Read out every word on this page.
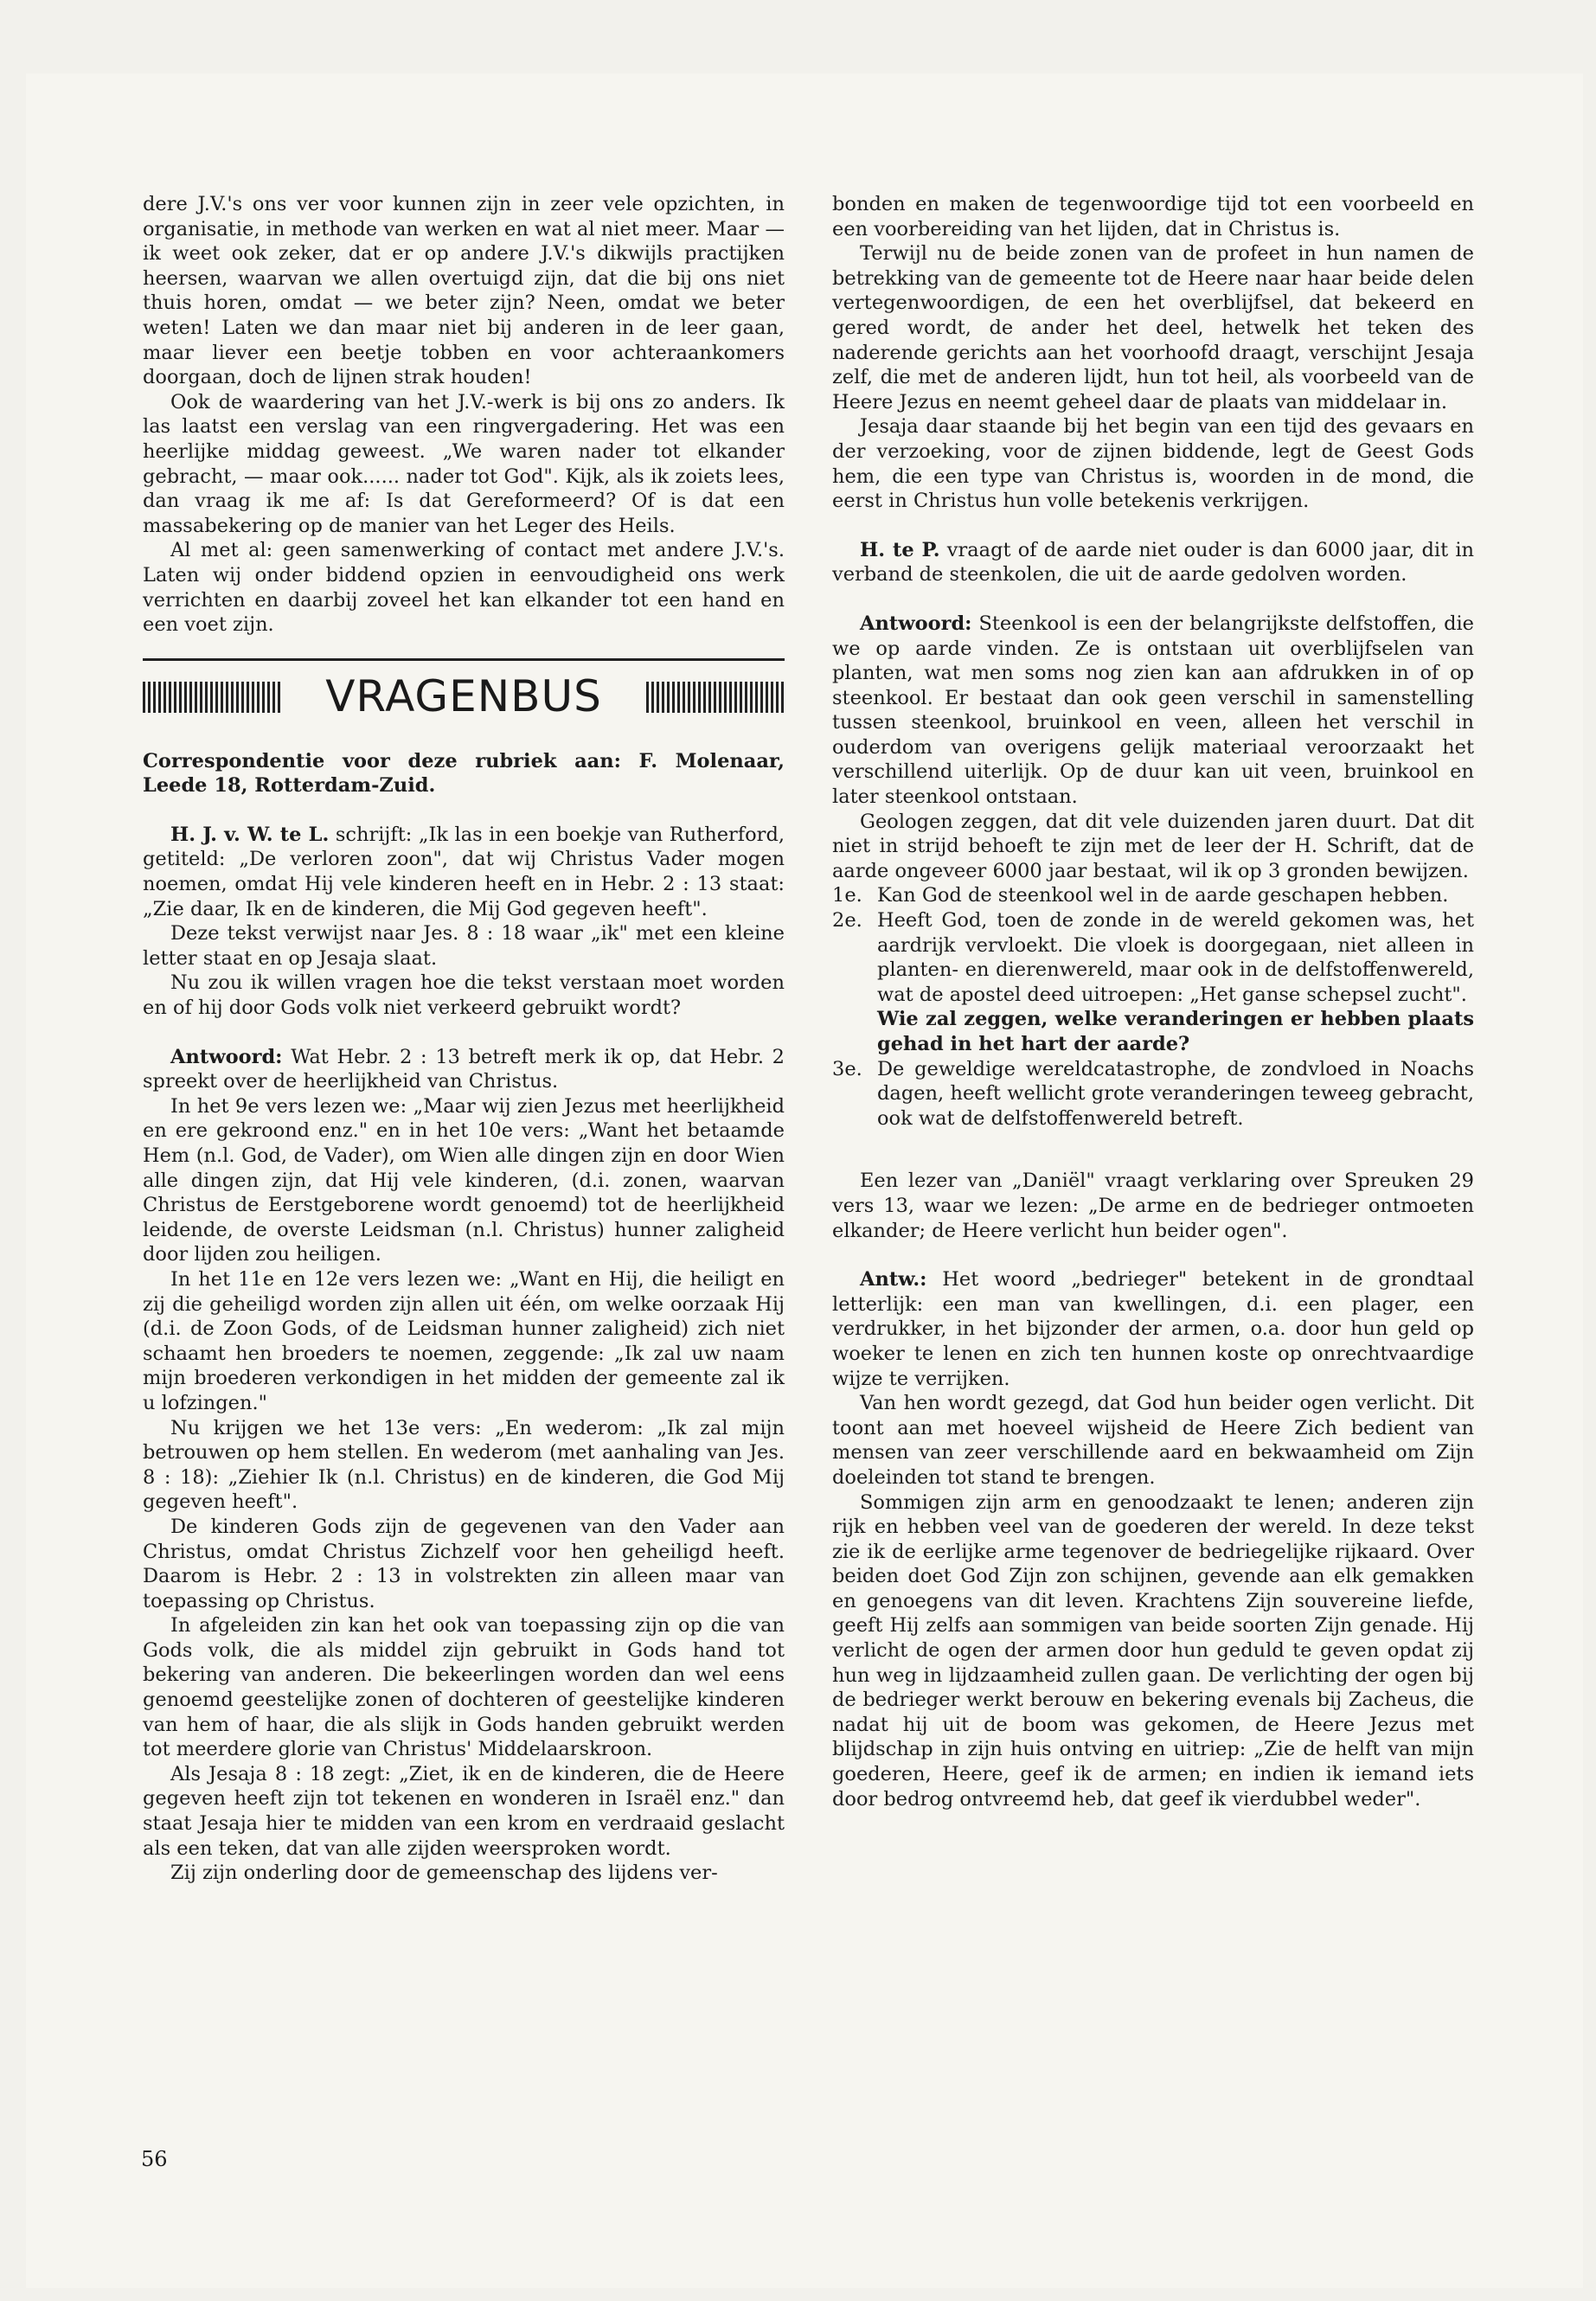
dere J.V.'s ons ver voor kunnen zijn in zeer vele opzichten, in organisatie, in methode van werken en wat al niet meer. Maar —ik weet ook zeker, dat er op andere J.V.'s dikwijls practijken heersen, waarvan we allen overtuigd zijn, dat die bij ons niet thuis horen, omdat — we beter zijn? Neen, omdat we beter weten! Laten we dan maar niet bij anderen in de leer gaan, maar liever een beetje tobben en voor achteraankomers doorgaan, doch de lijnen strak houden!

Ook de waardering van het J.V.-werk is bij ons zo anders. Ik las laatst een verslag van een ringvergadering. Het was een heerlijke middag geweest. „We waren nader tot elkander gebracht, — maar ook...... nader tot God". Kijk, als ik zoiets lees, dan vraag ik me af: Is dat Gereformeerd? Of is dat een massabekering op de manier van het Leger des Heils.

Al met al: geen samenwerking of contact met andere J.V.'s. Laten wij onder biddend opzien in eenvoudigheid ons werk verrichten en daarbij zoveel het kan elkander tot een hand en een voet zijn.

VRAGENBUS

Correspondentie voor deze rubriek aan: F. Molenaar, Leede 18, Rotterdam-Zuid.

H. J. v. W. te L. schrijft: „Ik las in een boekje van Rutherford, getiteld: „De verloren zoon", dat wij Christus Vader mogen noemen, omdat Hij vele kinderen heeft en in Hebr. 2 : 13 staat: „Zie daar, Ik en de kinderen, die Mij God gegeven heeft".

Deze tekst verwijst naar Jes. 8 : 18 waar „ik" met een kleine letter staat en op Jesaja slaat.

Nu zou ik willen vragen hoe die tekst verstaan moet worden en of hij door Gods volk niet verkeerd gebruikt wordt?

Antwoord: Wat Hebr. 2 : 13 betreft merk ik op, dat Hebr. 2 spreekt over de heerlijkheid van Christus.

In het 9e vers lezen we: „Maar wij zien Jezus met heerlijkheid en ere gekroond enz." en in het 10e vers: „Want het betaamde Hem (n.l. God, de Vader), om Wien alle dingen zijn en door Wien alle dingen zijn, dat Hij vele kinderen, (d.i. zonen, waarvan Christus de Eerstgeborene wordt genoemd) tot de heerlijkheid leidende, de overste Leidsman (n.l. Christus) hunner zaligheid door lijden zou heiligen.

In het 11e en 12e vers lezen we: „Want en Hij, die heiligt en zij die geheiligd worden zijn allen uit één, om welke oorzaak Hij (d.i. de Zoon Gods, of de Leidsman hunner zaligheid) zich niet schaamt hen broeders te noemen, zeggende: „Ik zal uw naam mijn broederen verkondigen in het midden der gemeente zal ik u lofzingen."

Nu krijgen we het 13e vers: „En wederom: „Ik zal mijn betrouwen op hem stellen. En wederom (met aanhaling van Jes. 8 : 18): „Ziehier Ik (n.l. Christus) en de kinderen, die God Mij gegeven heeft".

De kinderen Gods zijn de gegevenen van den Vader aan Christus, omdat Christus Zichzelf voor hen geheiligd heeft. Daarom is Hebr. 2 : 13 in volstrekten zin alleen maar van toepassing op Christus.

In afgeleiden zin kan het ook van toepassing zijn op die van Gods volk, die als middel zijn gebruikt in Gods hand tot bekering van anderen. Die bekeerlingen worden dan wel eens genoemd geestelijke zonen of dochteren of geestelijke kinderen van hem of haar, die als slijk in Gods handen gebruikt werden tot meerdere glorie van Christus' Middelaarskroon.

Als Jesaja 8 : 18 zegt: „Ziet, ik en de kinderen, die de Heere gegeven heeft zijn tot tekenen en wonderen in Israël enz." dan staat Jesaja hier te midden van een krom en verdraaid geslacht als een teken, dat van alle zijden weersproken wordt.

Zij zijn onderling door de gemeenschap des lijdens ver-

bonden en maken de tegenwoordige tijd tot een voorbeeld en een voorbereiding van het lijden, dat in Christus is.

Terwijl nu de beide zonen van de profeet in hun namen de betrekking van de gemeente tot de Heere naar haar beide delen vertegenwoordigen, de een het overblijfsel, dat bekeerd en gered wordt, de ander het deel, hetwelk het teken des naderende gerichts aan het voorhoofd draagt, verschijnt Jesaja zelf, die met de anderen lijdt, hun tot heil, als voorbeeld van de Heere Jezus en neemt geheel daar de plaats van middelaar in.

Jesaja daar staande bij het begin van een tijd des gevaars en der verzoeking, voor de zijnen biddende, legt de Geest Gods hem, die een type van Christus is, woorden in de mond, die eerst in Christus hun volle betekenis verkrijgen.

H. te P. vraagt of de aarde niet ouder is dan 6000 jaar, dit in verband de steenkolen, die uit de aarde gedolven worden.

Antwoord: Steenkool is een der belangrijkste delfstoffen, die we op aarde vinden. Ze is ontstaan uit overblijfselen van planten, wat men soms nog zien kan aan afdrukken in of op steenkool. Er bestaat dan ook geen verschil in samenstelling tussen steenkool, bruinkool en veen, alleen het verschil in ouderdom van overigens gelijk materiaal veroorzaakt het verschillend uiterlijk. Op de duur kan uit veen, bruinkool en later steenkool ontstaan.

Geologen zeggen, dat dit vele duizenden jaren duurt. Dat dit niet in strijd behoeft te zijn met de leer der H. Schrift, dat de aarde ongeveer 6000 jaar bestaat, wil ik op 3 gronden bewijzen.

1e. Kan God de steenkool wel in de aarde geschapen hebben.
2e. Heeft God, toen de zonde in de wereld gekomen was, het aardrijk vervloekt. Die vloek is doorgegaan, niet alleen in planten- en dierenwereld, maar ook in de delfstoffenwereld, wat de apostel deed uitroepen: „Het ganse schepsel zucht".
Wie zal zeggen, welke veranderingen er hebben plaats gehad in het hart der aarde?
3e. De geweldige wereldcatastrophe, de zondvloed in Noachs dagen, heeft wellicht grote veranderingen teweeg gebracht, ook wat de delfstoffenwereld betreft.

Een lezer van „Daniël" vraagt verklaring over Spreuken 29 vers 13, waar we lezen: „De arme en de bedrieger ontmoeten elkander; de Heere verlicht hun beider ogen".

Antw.: Het woord „bedrieger" betekent in de grondtaal letterlijk: een man van kwellingen, d.i. een plager, een verdrukker, in het bijzonder der armen, o.a. door hun geld op woeker te lenen en zich ten hunnen koste op onrechtvaardige wijze te verrijken.

Van hen wordt gezegd, dat God hun beider ogen verlicht. Dit toont aan met hoeveel wijsheid de Heere Zich bedient van mensen van zeer verschillende aard en bekwaamheid om Zijn doeleinden tot stand te brengen.

Sommigen zijn arm en genoodzaakt te lenen; anderen zijn rijk en hebben veel van de goederen der wereld. In deze tekst zie ik de eerlijke arme tegenover de bedriegelijke rijkaard. Over beiden doet God Zijn zon schijnen, gevende aan elk gemakken en genoegens van dit leven. Krachtens Zijn souvereine liefde, geeft Hij zelfs aan sommigen van beide soorten Zijn genade. Hij verlicht de ogen der armen door hun geduld te geven opdat zij hun weg in lijdzaamheid zullen gaan. De verlichting der ogen bij de bedrieger werkt berouw en bekering evenals bij Zacheus, die nadat hij uit de boom was gekomen, de Heere Jezus met blijdschap in zijn huis ontving en uitriep: „Zie de helft van mijn goederen, Heere, geef ik de armen; en indien ik iemand iets door bedrog ontvreemd heb, dat geef ik vierdubbel weder".

56
